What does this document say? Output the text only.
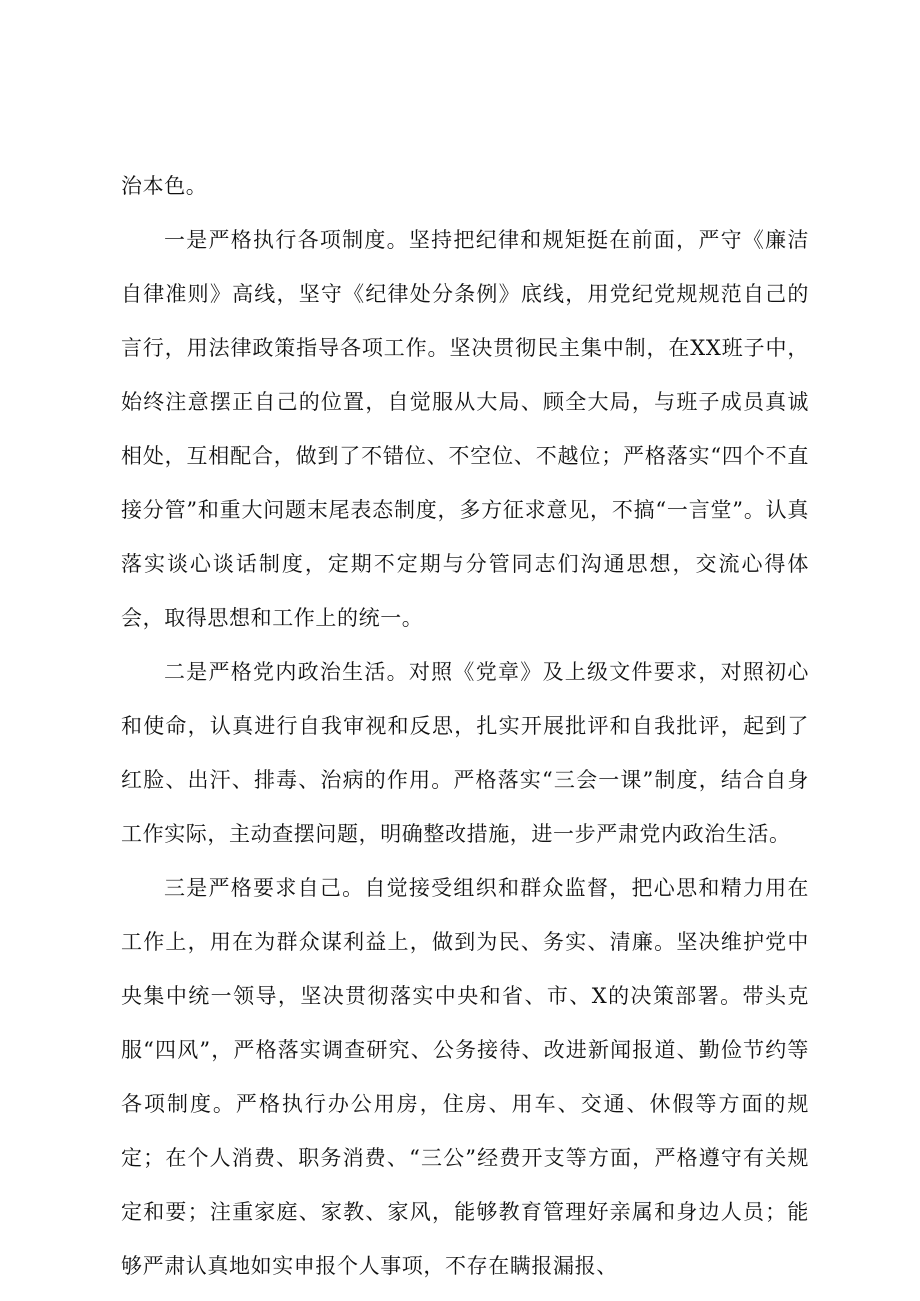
治本色。

一是严格执行各项制度。坚持把纪律和规矩挺在前面，严守《廉洁自律准则》高线，坚守《纪律处分条例》底线，用党纪党规规范自己的言行，用法律政策指导各项工作。坚决贯彻民主集中制，在XX班子中，始终注意摆正自己的位置，自觉服从大局、顾全大局，与班子成员真诚相处，互相配合，做到了不错位、不空位、不越位；严格落实“四个不直接分管”和重大问题末尾表态制度，多方征求意见，不搞“一言堂”。认真落实谈心谈话制度，定期不定期与分管同志们沟通思想，交流心得体会，取得思想和工作上的统一。

二是严格党内政治生活。对照《党章》及上级文件要求，对照初心和使命，认真进行自我审视和反思，扎实开展批评和自我批评，起到了红脸、出汗、排毒、治病的作用。严格落实“三会一课”制度，结合自身工作实际，主动查摆问题，明确整改措施，进一步严肃党内政治生活。

三是严格要求自己。自觉接受组织和群众监督，把心思和精力用在工作上，用在为群众谋利益上，做到为民、务实、清廉。坚决维护党中央集中统一领导，坚决贯彻落实中央和省、市、X的决策部署。带头克服“四风”，严格落实调查研究、公务接待、改进新闻报道、勤俭节约等各项制度。严格执行办公用房，住房、用车、交通、休假等方面的规定；在个人消费、职务消费、“三公”经费开支等方面，严格遵守有关规定和要；注重家庭、家教、家风，能够教育管理好亲属和身边人员；能够严肃认真地如实申报个人事项，不存在瞒报漏报、
